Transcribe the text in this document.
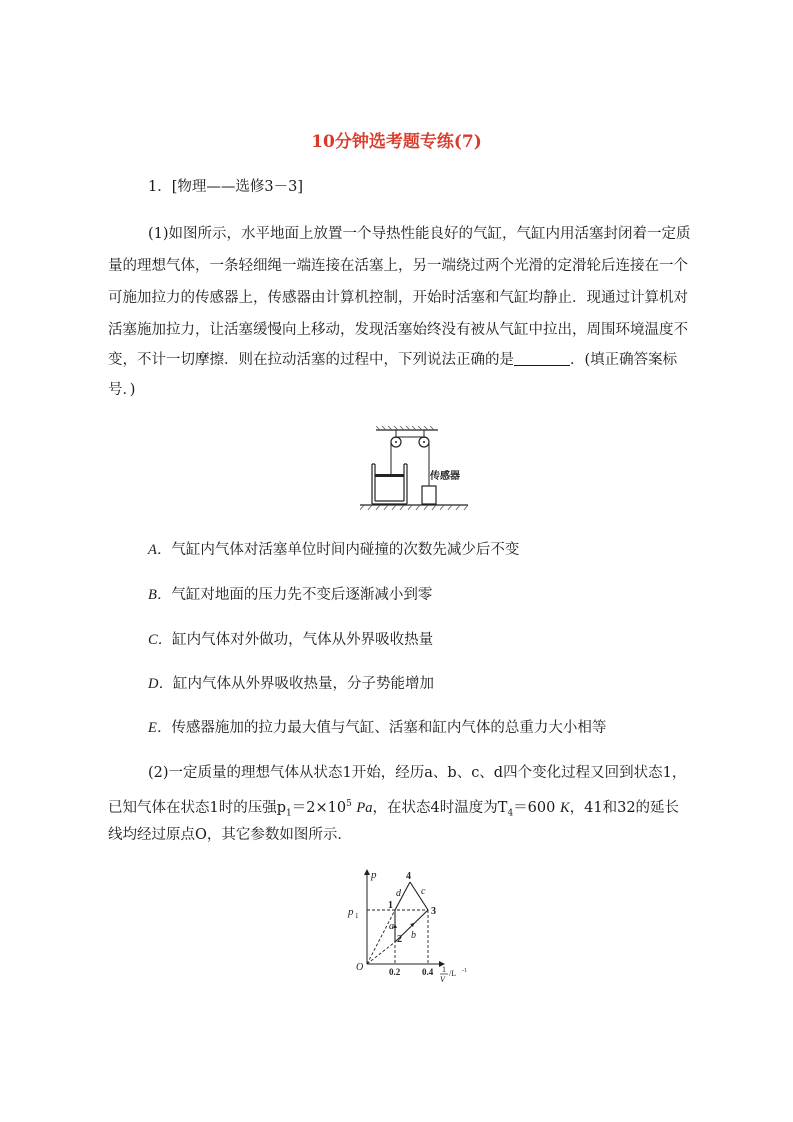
10分钟选考题专练(7)
1．[物理——选修3－3]
(1)如图所示，水平地面上放置一个导热性能良好的气缸，气缸内用活塞封闭着一定质
量的理想气体，一条轻细绳一端连接在活塞上，另一端绕过两个光滑的定滑轮后连接在一个
可施加拉力的传感器上，传感器由计算机控制，开始时活塞和气缸均静止．现通过计算机对
活塞施加拉力，让活塞缓慢向上移动，发现活塞始终没有被从气缸中拉出，周围环境温度不
变，不计一切摩擦．则在拉动活塞的过程中，下列说法正确的是	．(填正确答案标
号．)
传感器
A．气缸内气体对活塞单位时间内碰撞的次数先减少后不变
B．气缸对地面的压力先不变后逐渐减小到零
C．缸内气体对外做功，气体从外界吸收热量
D．缸内气体从外界吸收热量，分子势能增加
E．传感器施加的拉力最大值与气缸、活塞和缸内气体的总重力大小相等
(2)一定质量的理想气体从状态1开始，经历a、b、c、d四个变化过程又回到状态1，
已知气体在状态1时的压强$p_1=2\times 10^5$ Pa，在状态4时温度为$T_4=600$ K，41和32的延长
线均经过原点O，其它参数如图所示．
p
p 1
4
1
3
2
d c
a
b
O	0.2 0.4 1
V
/L -1
